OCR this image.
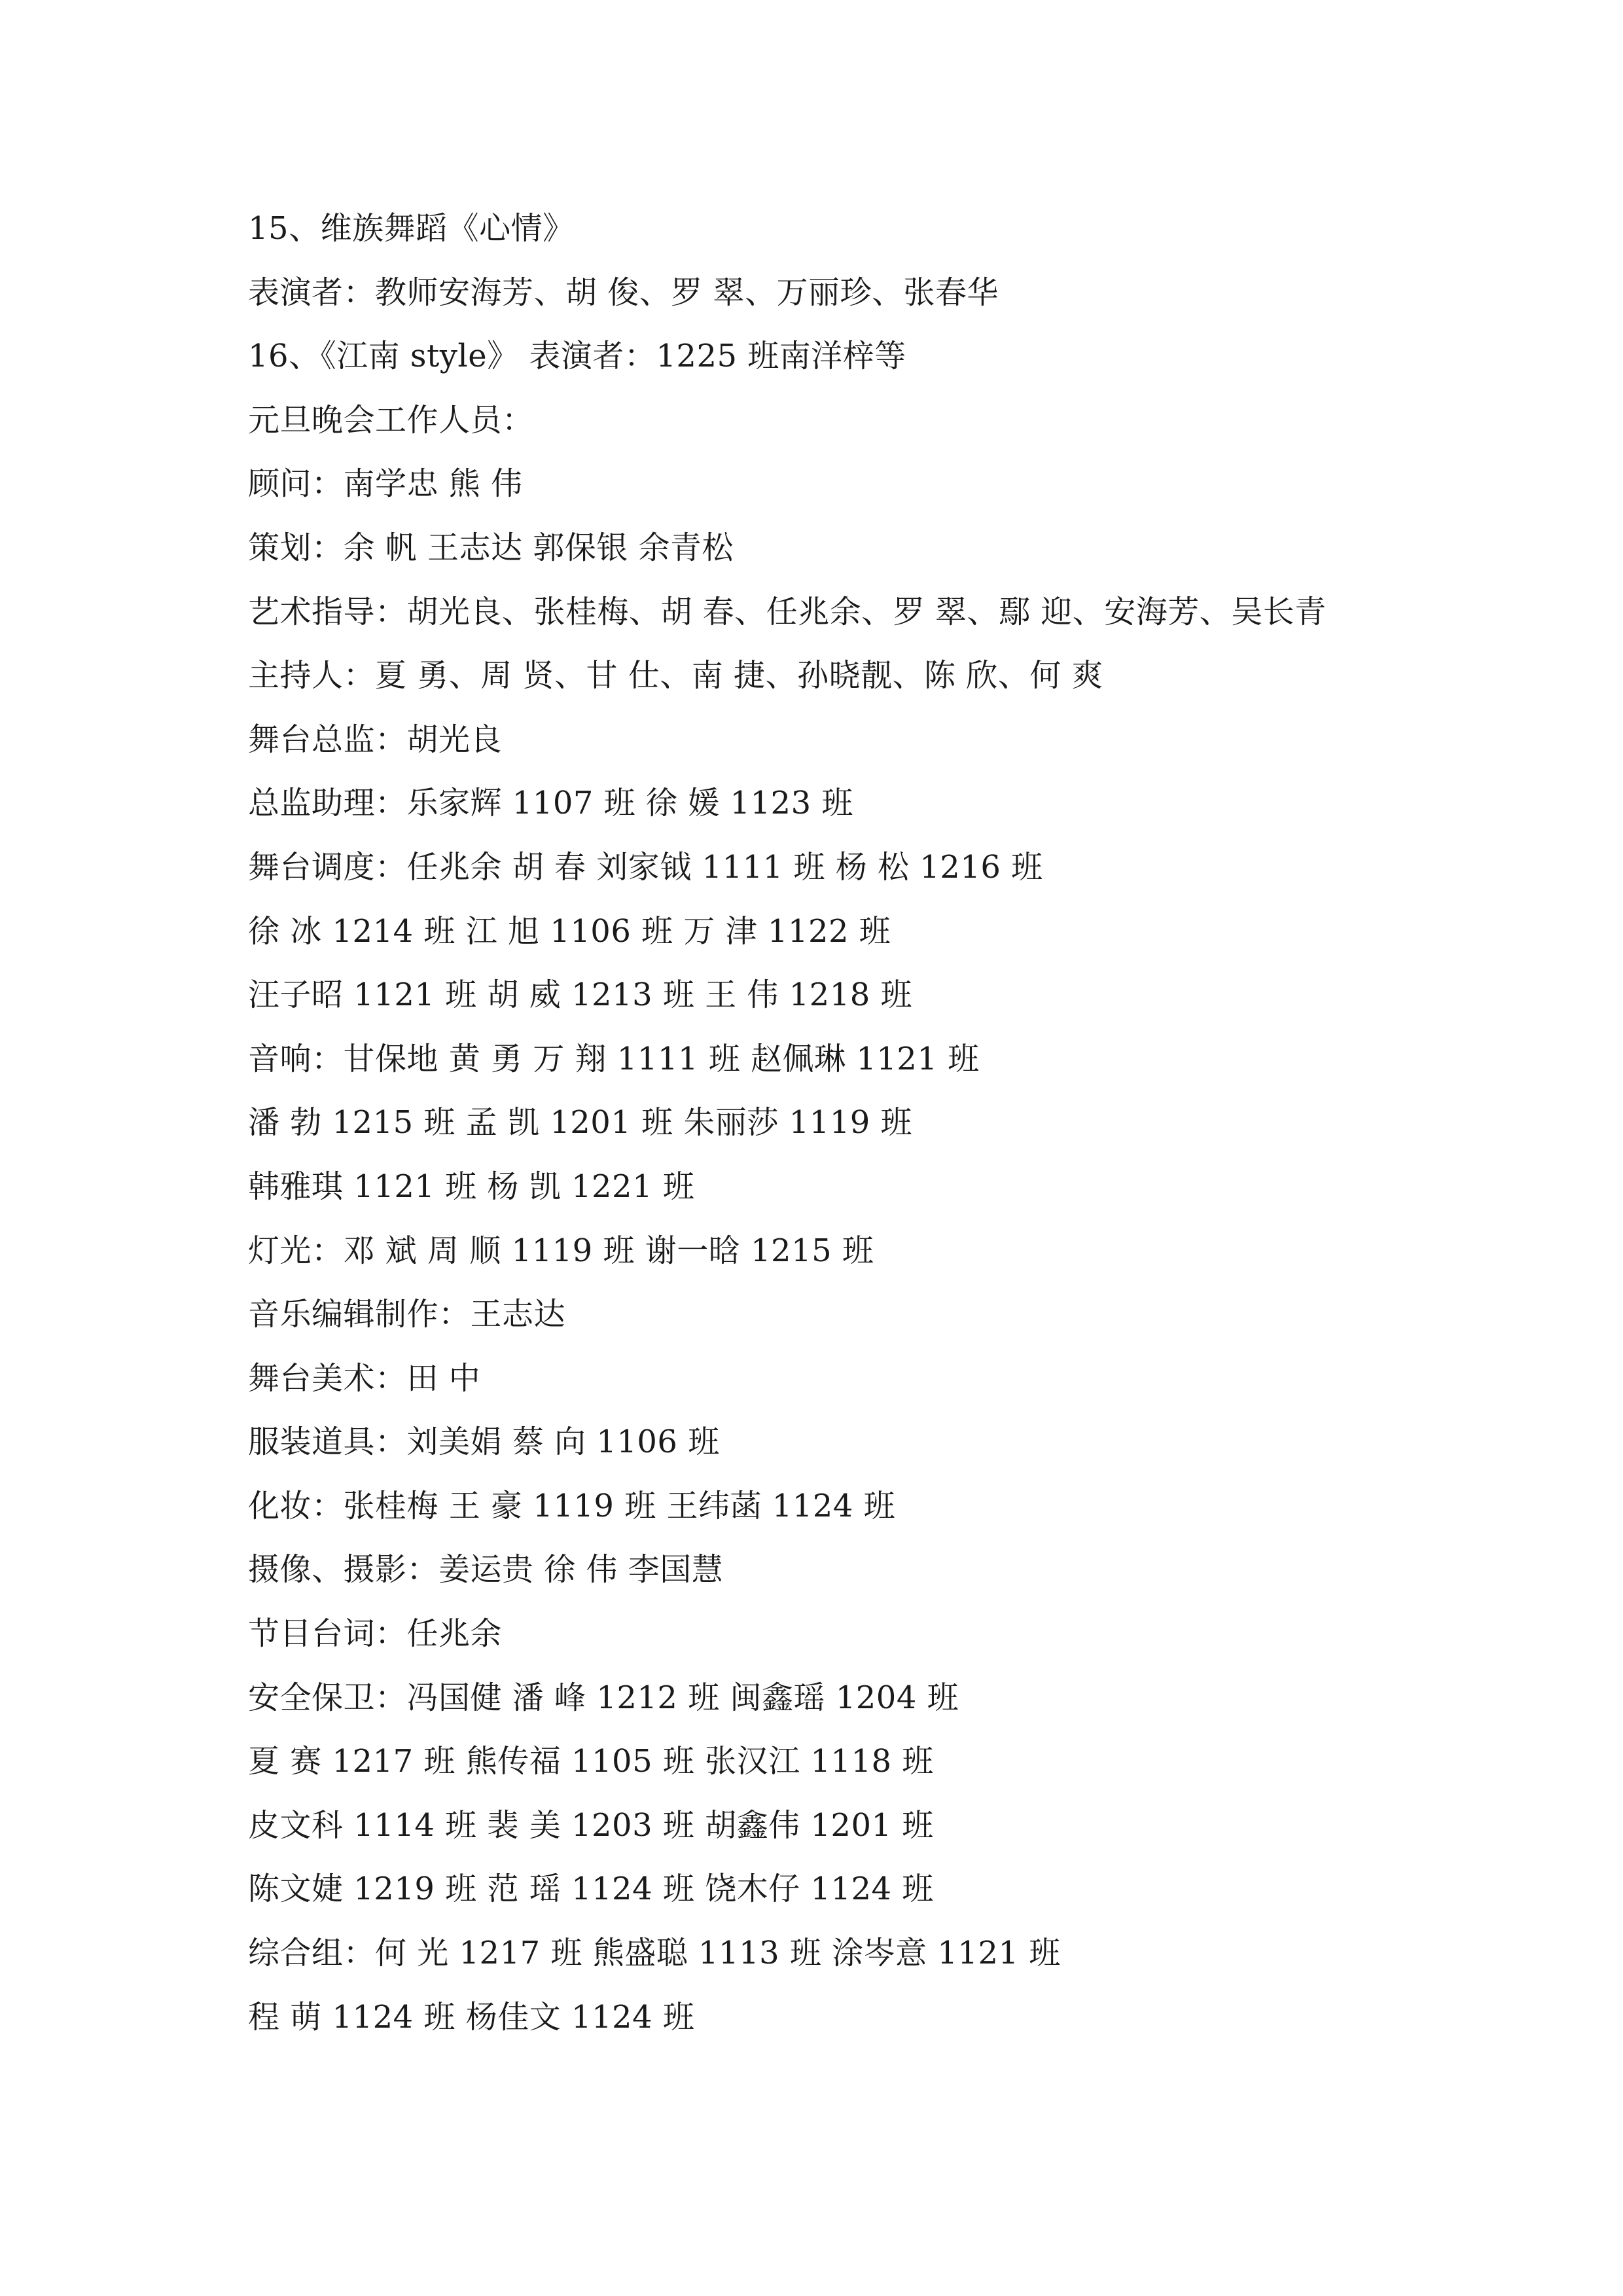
15、维族舞蹈《心情》
表演者：教师安海芳、胡 俊、罗 翠、万丽珍、张春华
16、《江南 style》 表演者：1225 班南洋梓等
元旦晚会工作人员：
顾问：南学忠 熊 伟
策划：余 帆 王志达 郭保银 余青松
艺术指导：胡光良、张桂梅、胡 春、任兆余、罗 翠、鄢 迎、安海芳、吴长青
主持人：夏 勇、周 贤、甘 仕、南 捷、孙晓靓、陈 欣、何 爽
舞台总监：胡光良
总监助理：乐家辉 1107 班 徐 媛 1123 班
舞台调度：任兆余 胡 春 刘家钺 1111 班 杨 松 1216 班
徐 冰 1214 班 江 旭 1106 班 万 津 1122 班
汪子昭 1121 班 胡 威 1213 班 王 伟 1218 班
音响：甘保地 黄 勇 万 翔 1111 班 赵佩琳 1121 班
潘 勃 1215 班 孟 凯 1201 班 朱丽莎 1119 班
韩雅琪 1121 班 杨 凯 1221 班
灯光：邓 斌 周 顺 1119 班 谢一晗 1215 班
音乐编辑制作：王志达
舞台美术：田 中
服装道具：刘美娟 蔡 向 1106 班
化妆：张桂梅 王 豪 1119 班 王纬菡 1124 班
摄像、摄影：姜运贵 徐 伟 李国慧
节目台词：任兆余
安全保卫：冯国健 潘 峰 1212 班 闽鑫瑶 1204 班
夏 赛 1217 班 熊传福 1105 班 张汉江 1118 班
皮文科 1114 班 裴 美 1203 班 胡鑫伟 1201 班
陈文婕 1219 班 范 瑶 1124 班 饶木仔 1124 班
综合组：何 光 1217 班 熊盛聪 1113 班 涂岑意 1121 班
程 萌 1124 班 杨佳文 1124 班
